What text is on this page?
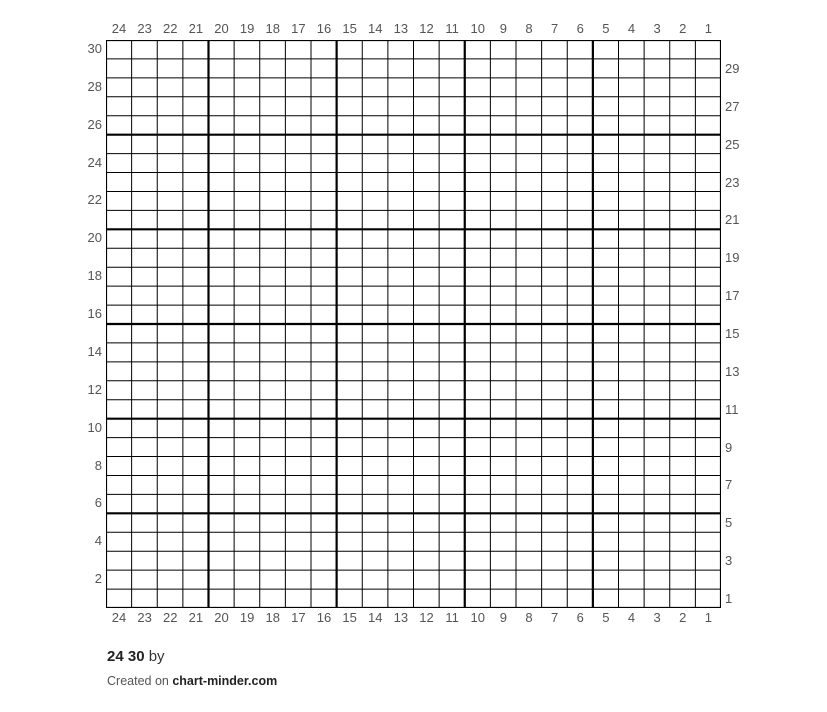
24
24
23
23
22
22
21
21
20
20
19
19
18
18
17
17
16
16
15
15
14
14
13
13
12
12
11
11
10
10
9
9
8
8
7
7
6
6
5
5
4
4
3
3
2
2
1
1
30
28
26
24
22
20
18
16
14
12
10
8
6
4
2
29
27
25
23
21
19
17
15
13
11
9
7
5
3
1
24 30 by
Created on chart-minder.com
